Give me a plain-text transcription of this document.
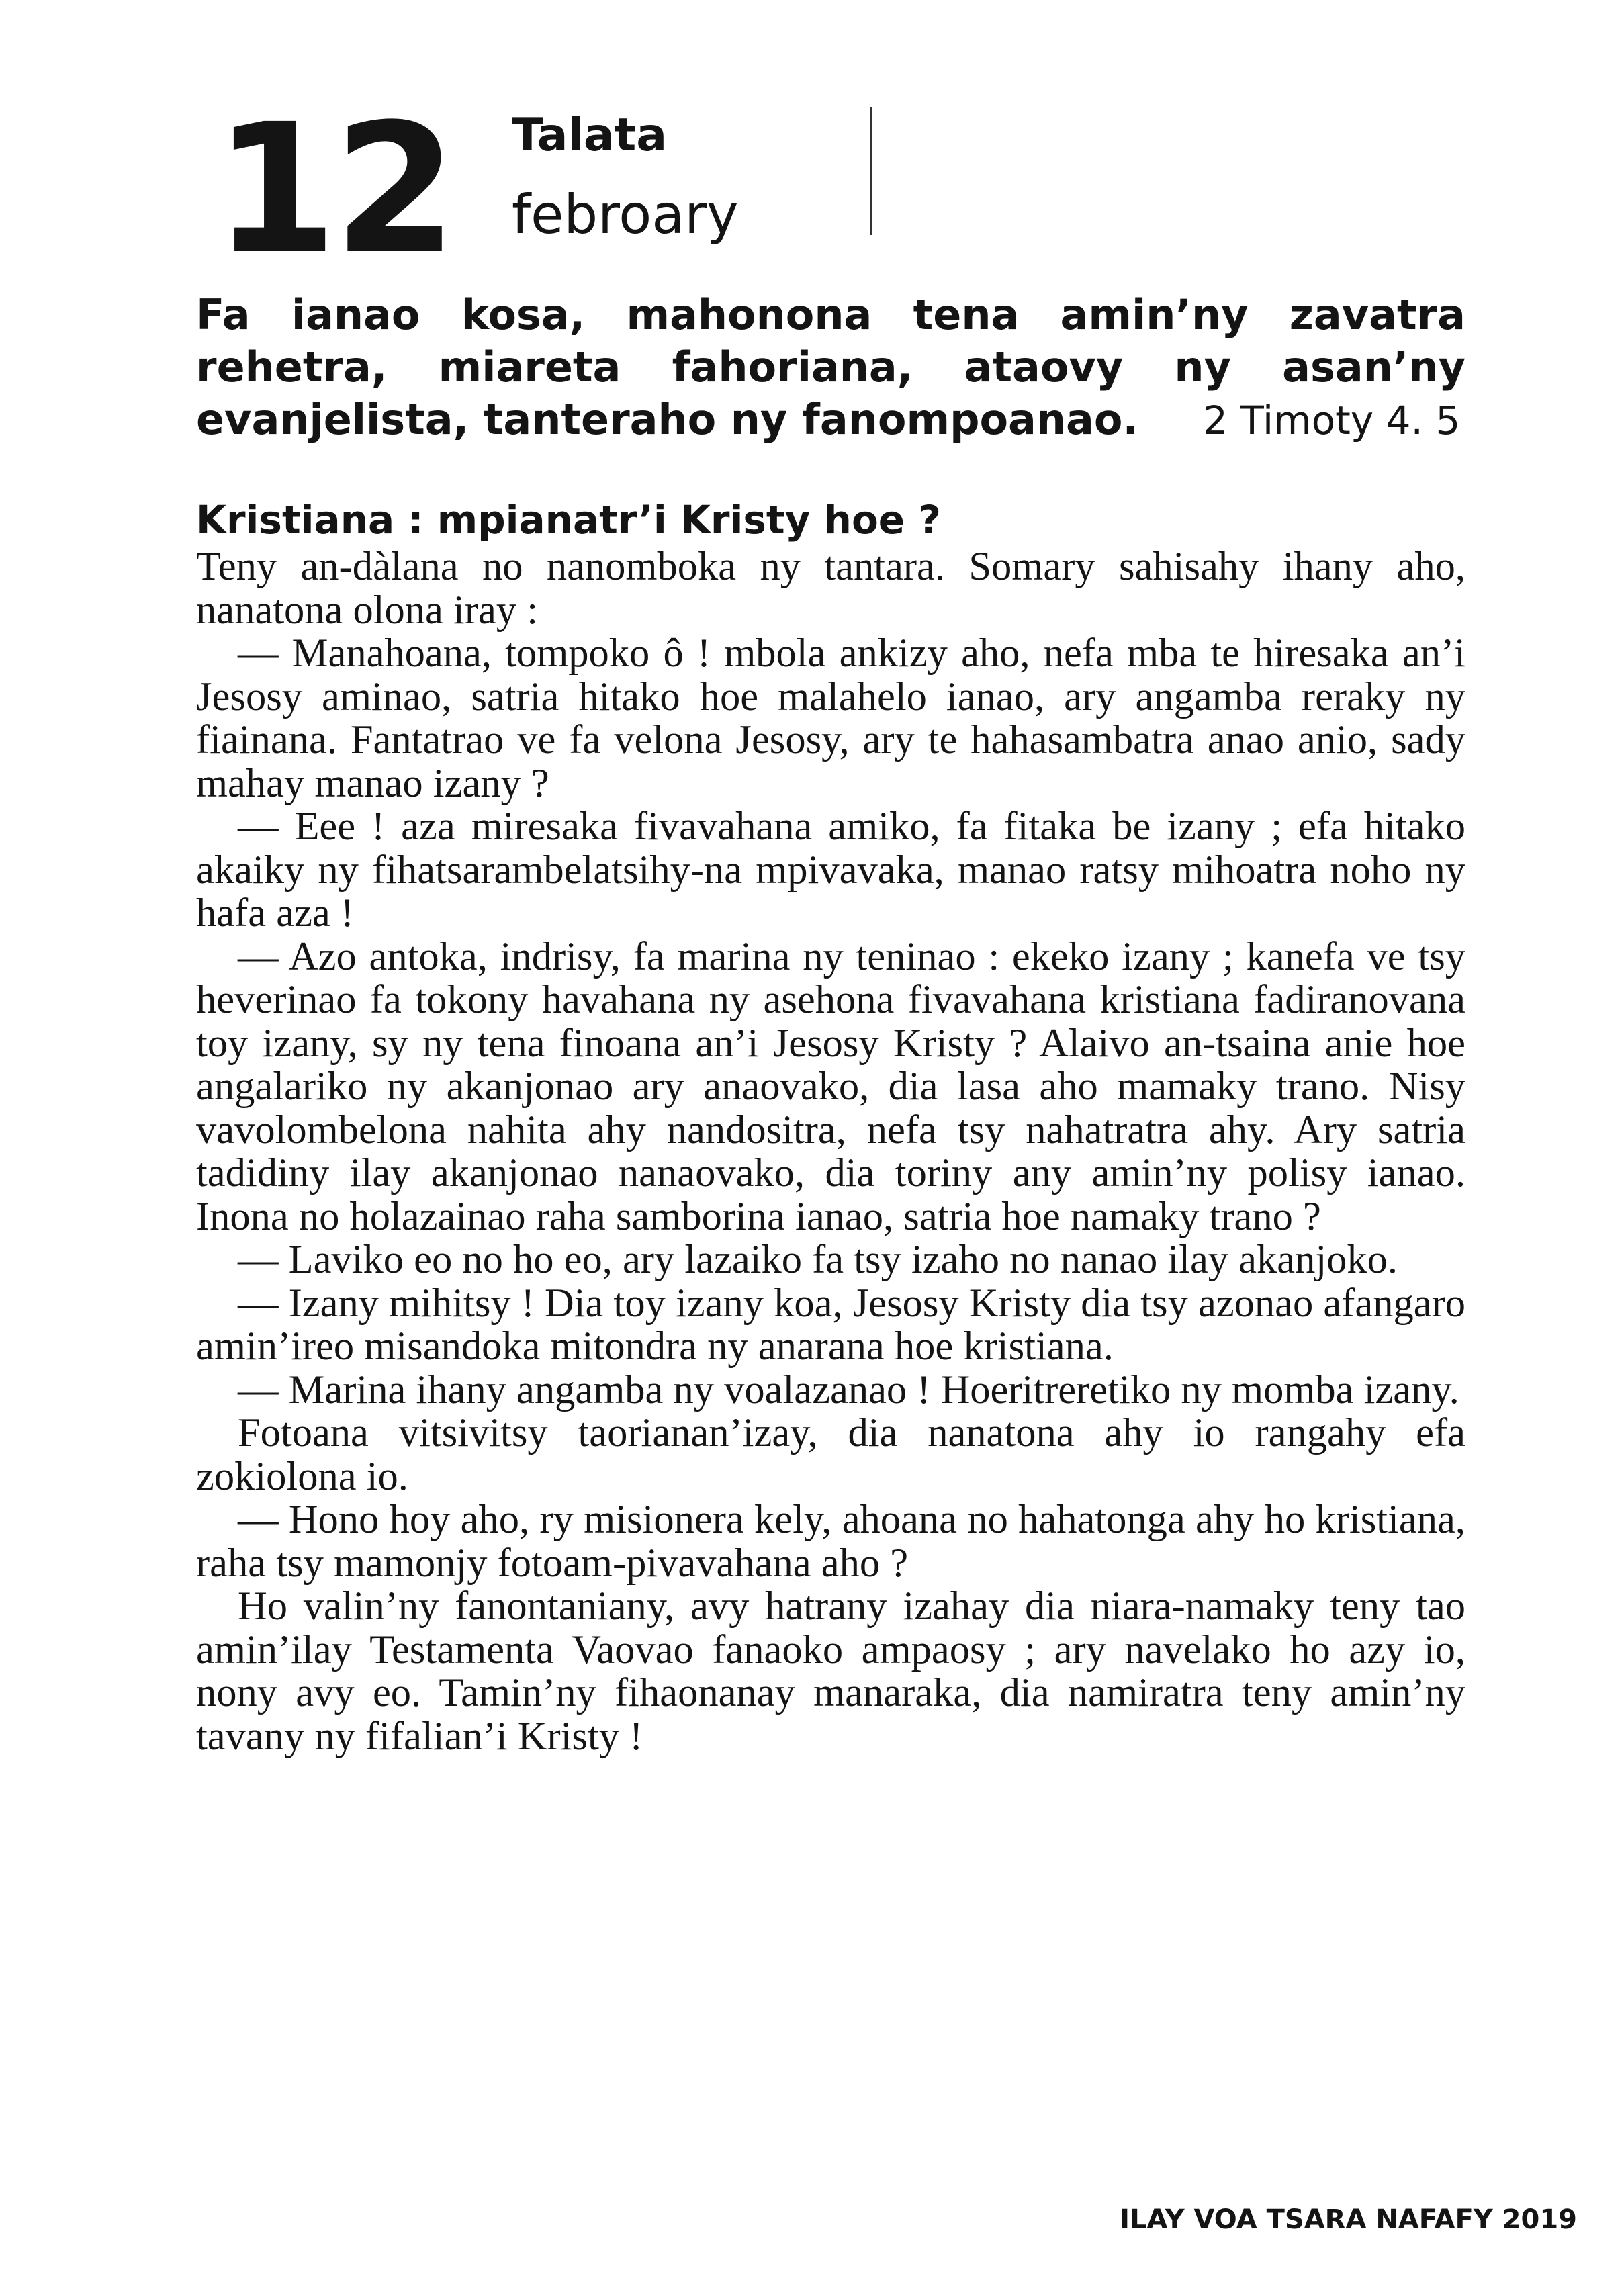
12 Talata
febroary
Fa ianao kosa, mahonona tena amin’ny zavatra rehetra, miareta fahoriana, ataovy ny asan’ny evanjelista, tanteraho ny fanompoanao. 2 Timoty 4. 5
Kristiana : mpianatr’i Kristy hoe ?

Teny an-dàlana no nanomboka ny tantara. Somary sahisahy ihany aho, nanatona olona iray :

— Manahoana, tompoko ô ! mbola ankizy aho, nefa mba te hiresaka an’i Jesosy aminao, satria hitako hoe malahelo ianao, ary angamba reraky ny fiainana. Fantatrao ve fa velona Jesosy, ary te hahasambatra anao anio, sady mahay manao izany ?

— Eee ! aza miresaka fivavahana amiko, fa fitaka be izany ; efa hitako akaiky ny fihatsarambelatsihy-na mpivavaka, manao ratsy mihoatra noho ny hafa aza !

— Azo antoka, indrisy, fa marina ny teninao : ekeko izany ; kanefa ve tsy heverinao fa tokony havahana ny asehona fivavahana kristiana fadiranovana toy izany, sy ny tena finoana an’i Jesosy Kristy ? Alaivo an-tsaina anie hoe angalariko ny akanjonao ary anaovako, dia lasa aho mamaky trano. Nisy vavolombelona nahita ahy nandositra, nefa tsy nahatratra ahy. Ary satria tadidiny ilay akanjonao nanaovako, dia toriny any amin’ny polisy ianao. Inona no holazainao raha samborina ianao, satria hoe namaky trano ?

— Laviko eo no ho eo, ary lazaiko fa tsy izaho no nanao ilay akanjoko.

— Izany mihitsy ! Dia toy izany koa, Jesosy Kristy dia tsy azonao afangaro amin’ireo misandoka mitondra ny anarana hoe kristiana.

— Marina ihany angamba ny voalazanao ! Hoeritreretiko ny momba izany.

Fotoana vitsivitsy taorianan’izay, dia nanatona ahy io rangahy efa zokiolona io.

— Hono hoy aho, ry misionera kely, ahoana no hahatonga ahy ho kristiana, raha tsy mamonjy fotoam-pivavahana aho ?

Ho valin’ny fanontaniany, avy hatrany izahay dia niara-namaky teny tao amin’ilay Testamenta Vaovao fanaoko ampaosy ; ary navelako ho azy io, nony avy eo. Tamin’ny fihaonanay manaraka, dia namiratra teny amin’ny tavany ny fifalian’i Kristy !

ILAY VOA TSARA NAFAFY 2019
